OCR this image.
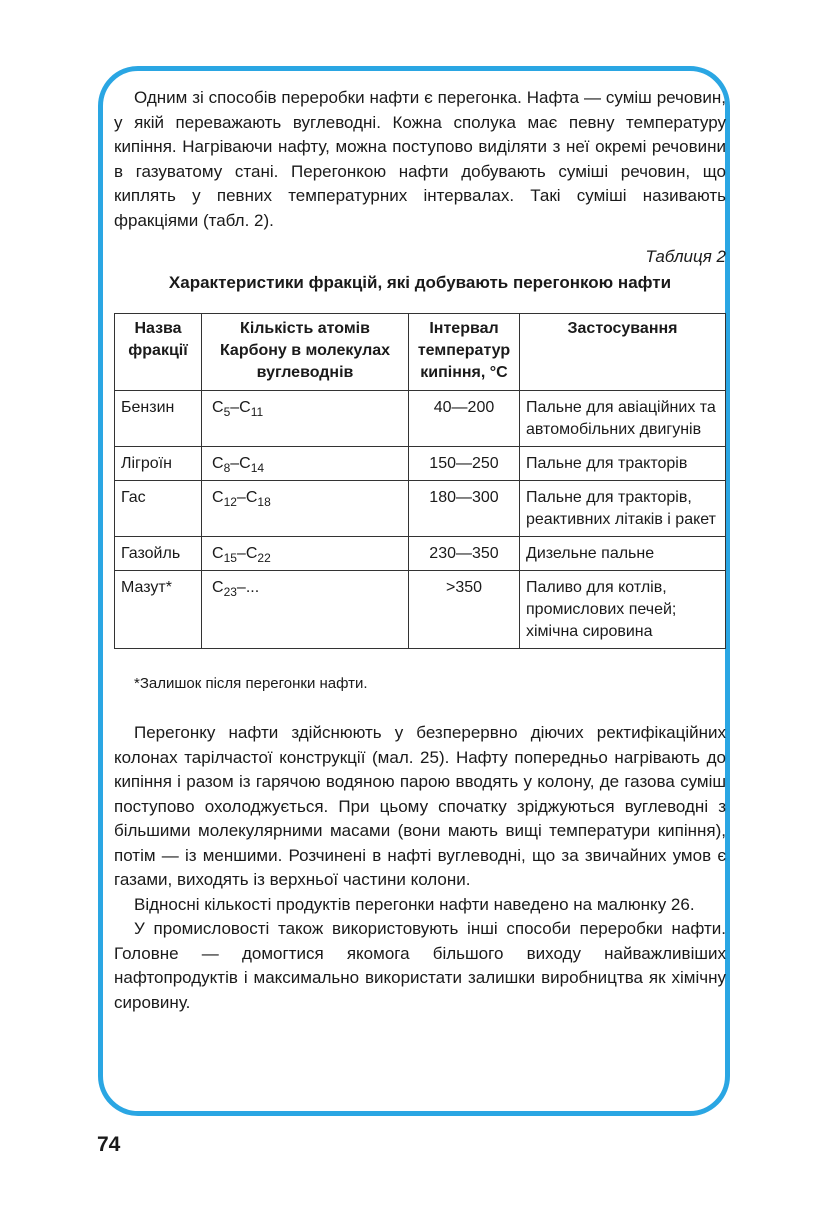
Одним зі способів переробки нафти є перегонка. Нафта — суміш речовин, у якій переважають вуглеводні. Кожна сполука має певну температуру кипіння. Нагріваючи нафту, можна поступово виділяти з неї окремі речовини в газуватому стані. Перегонкою нафти добувають суміші речовин, що киплять у певних температурних інтервалах. Такі суміші називають фракціями (табл. 2).

Таблиця 2
Характеристики фракцій, які добувають перегонкою нафти
Назва фракції	Кількість атомів Карбону в молекулах вуглеводнів	Інтервал температур кипіння, °С	Застосування
Бензин	$С_5-С_{11}$	40—200	Пальне для авіаційних та автомобільних двигунів
Лігроїн	$С_8-С_{14}$	150—250	Пальне для тракторів
Гас	$С_{12}-С_{18}$	180—300	Пальне для тракторів, реактивних літаків і ракет
Газойль	$С_{15}-С_{22}$	230—350	Дизельне пальне
Мазут*	$С_{23}-$...	>350	Паливо для котлів, промислових печей; хімічна сировина
*Залишок після перегонки нафти.

Перегонку нафти здійснюють у безперервно діючих ректифікаційних колонах тарілчастої конструкції (мал. 25). Нафту попередньо нагрівають до кипіння і разом із гарячою водяною парою вводять у колону, де газова суміш поступово охолоджується. При цьому спочатку зріджуються вуглеводні з більшими молекулярними масами (вони мають вищі температури кипіння), потім — із меншими. Розчинені в нафті вуглеводні, що за звичайних умов є газами, виходять із верхньої частини колони.

Відносні кількості продуктів перегонки нафти наведено на малюнку 26.

У промисловості також використовують інші способи переробки нафти. Головне — домогтися якомога більшого виходу найважливіших нафтопродуктів і максимально використати залишки виробництва як хімічну сировину.

74
